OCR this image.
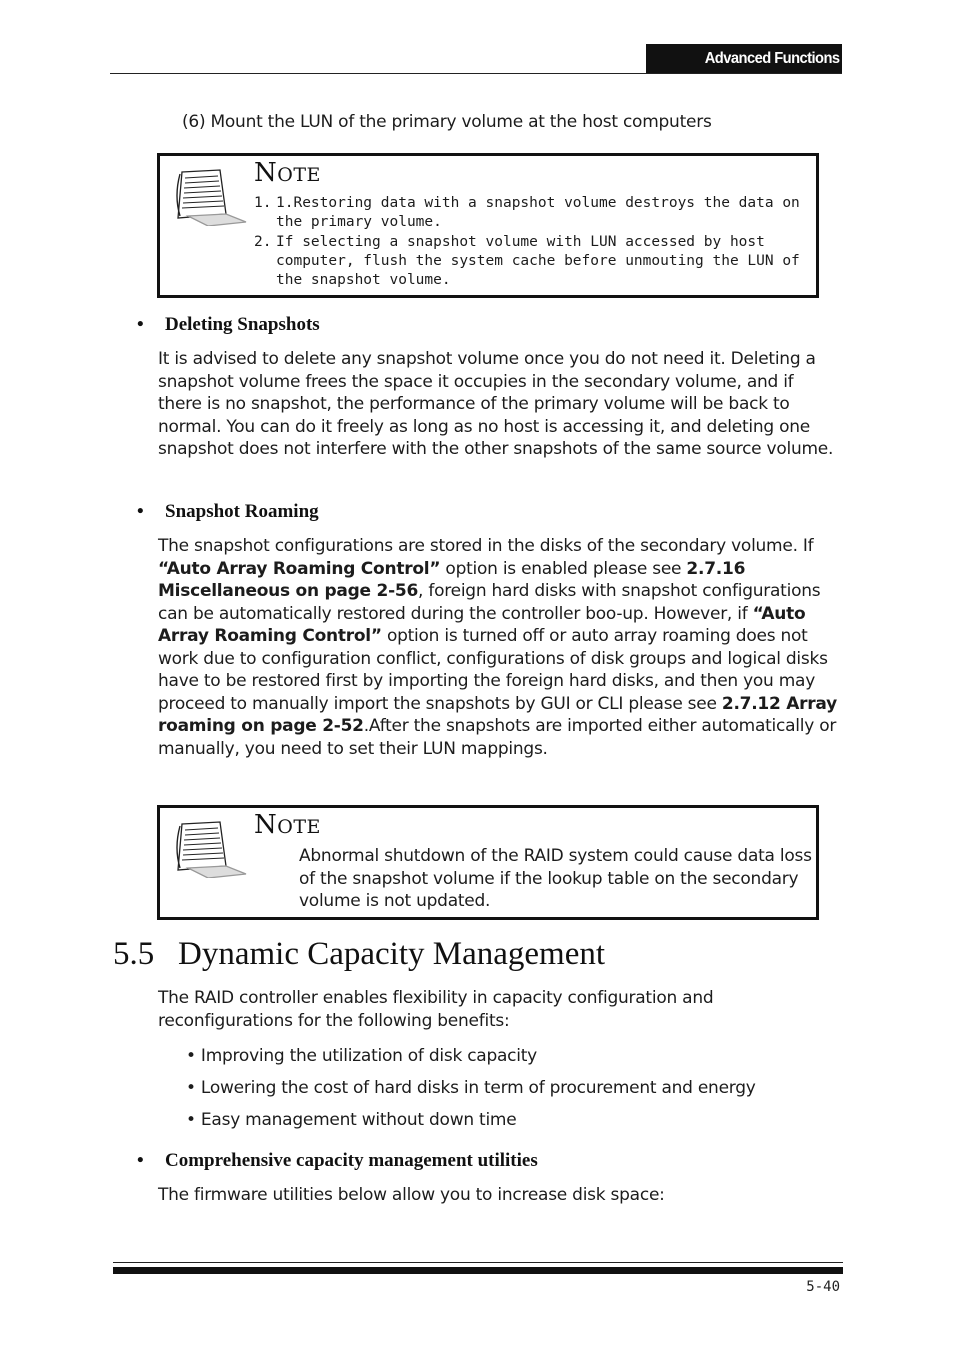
Advanced Functions
(6) Mount the LUN of the primary volume at the host computers
NOTE
1. 1.Restoring data with a snapshot volume destroys the data on the primary volume.
2. If selecting a snapshot volume with LUN accessed by host computer, flush the system cache before unmouting the LUN of the snapshot volume.
• Deleting Snapshots
It is advised to delete any snapshot volume once you do not need it. Deleting a snapshot volume frees the space it occupies in the secondary volume, and if there is no snapshot, the performance of the primary volume will be back to normal. You can do it freely as long as no host is accessing it, and deleting one snapshot does not interfere with the other snapshots of the same source volume.
• Snapshot Roaming
The snapshot configurations are stored in the disks of the secondary volume. If “Auto Array Roaming Control” option is enabled please see 2.7.16 Miscellaneous on page 2-56, foreign hard disks with snapshot configurations can be automatically restored during the controller boo-up. However, if “Auto Array Roaming Control” option is turned off or auto array roaming does not work due to configuration conflict, configurations of disk groups and logical disks have to be restored first by importing the foreign hard disks, and then you may proceed to manually import the snapshots by GUI or CLI please see 2.7.12 Array roaming on page 2-52.After the snapshots are imported either automatically or manually, you need to set their LUN mappings.
NOTE
Abnormal shutdown of the RAID system could cause data loss of the snapshot volume if the lookup table on the secondary volume is not updated.
5.5 Dynamic Capacity Management
The RAID controller enables flexibility in capacity configuration and reconfigurations for the following benefits:
• Improving the utilization of disk capacity
• Lowering the cost of hard disks in term of procurement and energy
• Easy management without down time
• Comprehensive capacity management utilities
The firmware utilities below allow you to increase disk space:
5-40
